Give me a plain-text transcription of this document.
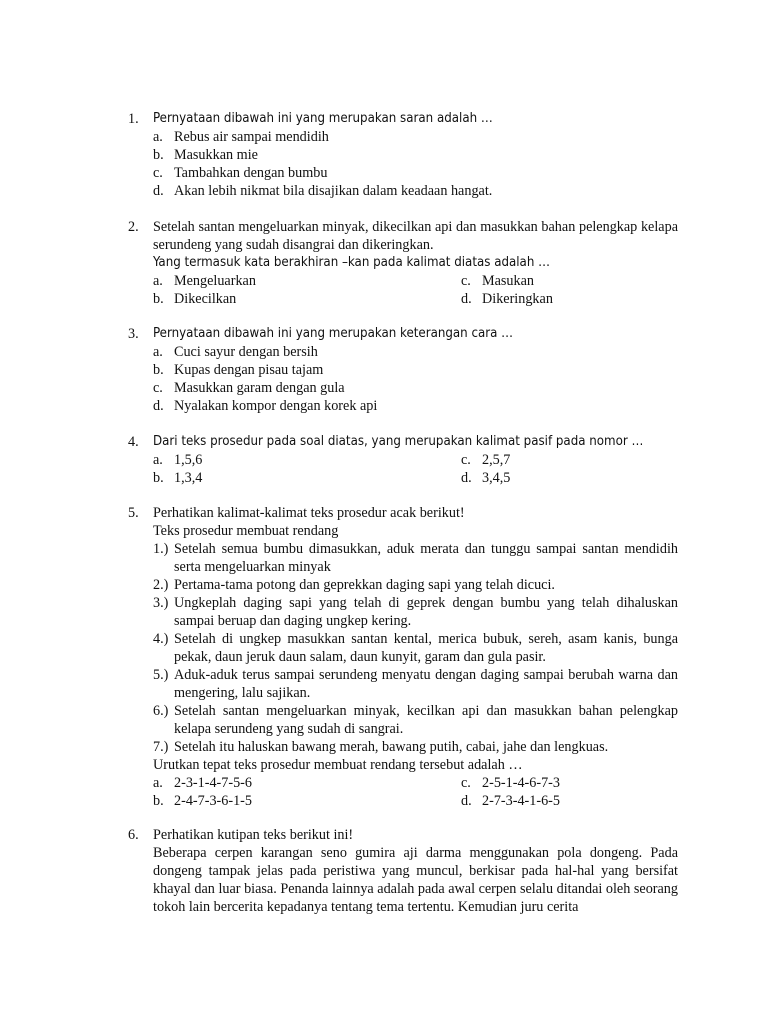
1.	Pernyataan dibawah ini yang merupakan saran adalah …

a. Rebus air sampai mendidih
b. Masukkan mie
c. Tambahkan dengan bumbu
d. Akan lebih nikmat bila disajikan dalam keadaan hangat.
2.	Setelah santan mengeluarkan minyak, dikecilkan api dan masukkan bahan pelengkap kelapa serundeng yang sudah disangrai dan dikeringkan.

Yang termasuk kata berakhiran –kan pada kalimat diatas adalah …

a. Mengeluarkan	c. Masukan
b. Dikecilkan	d. Dikeringkan
3.	Pernyataan dibawah ini yang merupakan keterangan cara …

a. Cuci sayur dengan bersih
b. Kupas dengan pisau tajam
c. Masukkan garam dengan gula
d. Nyalakan kompor dengan korek api
4.	Dari teks prosedur pada soal diatas, yang merupakan kalimat pasif pada nomor …

a. 1,5,6	c. 2,5,7
b. 1,3,4	d. 3,4,5
5.	Perhatikan kalimat-kalimat teks prosedur acak berikut!

Teks prosedur membuat rendang

1.) Setelah semua bumbu dimasukkan, aduk merata dan tunggu sampai santan mendidih serta mengeluarkan minyak
2.) Pertama-tama potong dan geprekkan daging sapi yang telah dicuci.
3.) Ungkeplah daging sapi yang telah di geprek dengan bumbu yang telah dihaluskan sampai beruap dan daging ungkep kering.
4.) Setelah di ungkep masukkan santan kental, merica bubuk, sereh, asam kanis, bunga pekak, daun jeruk daun salam, daun kunyit, garam dan gula pasir.
5.) Aduk-aduk terus sampai serundeng menyatu dengan daging sampai berubah warna dan mengering, lalu sajikan.
6.) Setelah santan mengeluarkan minyak, kecilkan api dan masukkan bahan pelengkap kelapa serundeng yang sudah di sangrai.
7.) Setelah itu haluskan bawang merah, bawang putih, cabai, jahe dan lengkuas.

Urutkan tepat teks prosedur membuat rendang tersebut adalah …

a. 2-3-1-4-7-5-6	c. 2-5-1-4-6-7-3
b. 2-4-7-3-6-1-5	d. 2-7-3-4-1-6-5
6.	Perhatikan kutipan teks berikut ini!

Beberapa cerpen karangan seno gumira aji darma menggunakan pola dongeng. Pada dongeng tampak jelas pada peristiwa yang muncul, berkisar pada hal-hal yang bersifat khayal dan luar biasa. Penanda lainnya adalah pada awal cerpen selalu ditandai oleh seorang tokoh lain bercerita kepadanya tentang tema tertentu. Kemudian juru cerita
